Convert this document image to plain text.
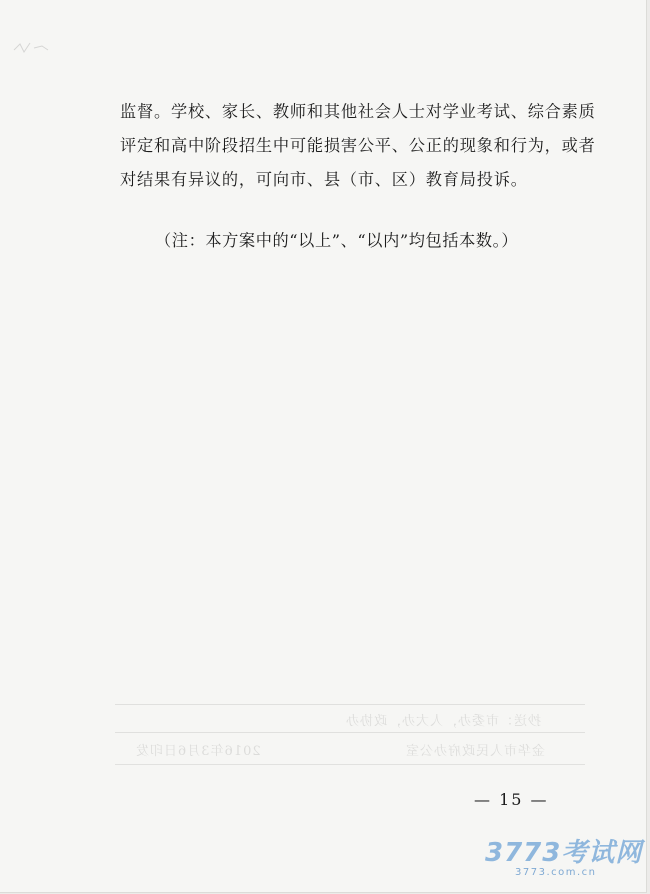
监督。学校、家长、教师和其他社会人士对学业考试、综合素质

评定和高中阶段招生中可能损害公平、公正的现象和行为，或者

对结果有异议的，可向市、县（市、区）教育局投诉。

（注：本方案中的“以上”、“以内”均包括本数。）
抄送：市委办，人大办，政协办
2016年3月6日印发	金华市人民政府办公室
— 15 —
3773考试网
3773.com.cn
